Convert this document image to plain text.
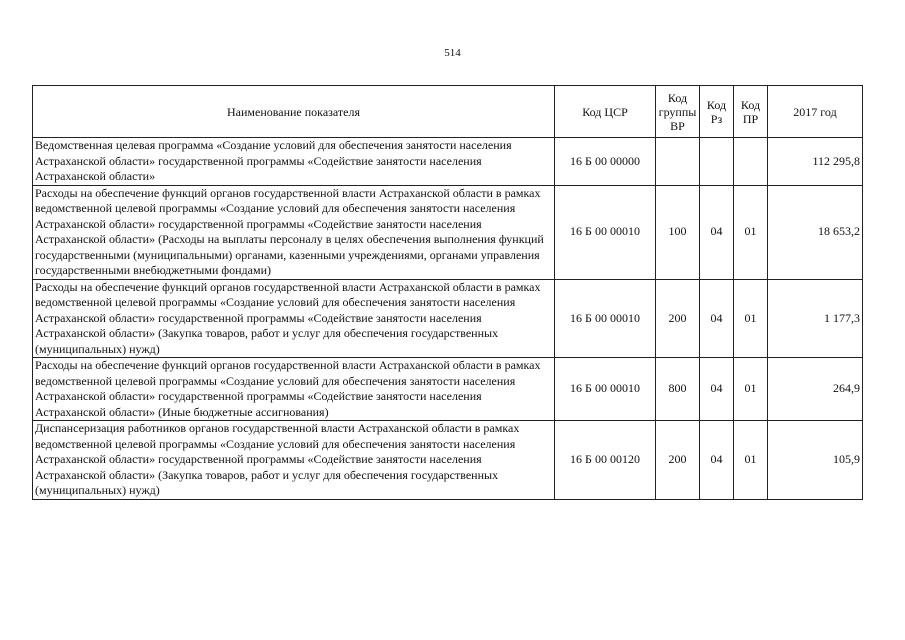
514
Наименование показателя	Код ЦСР	Код группы ВР	Код Рз	Код ПР	2017 год
Ведомственная целевая программа «Создание условий для обеспечения занятости населения Астраханской области» государственной программы «Содействие занятости населения Астраханской области»	16 Б 00 00000				112 295,8
Расходы на обеспечение функций органов государственной власти Астраханской области в рамках ведомственной целевой программы «Создание условий для обеспечения занятости населения Астраханской области» государственной программы «Содействие занятости населения Астраханской области» (Расходы на выплаты персоналу в целях обеспечения выполнения функций государственными (муниципальными) органами, казенными учреждениями, органами управления государственными внебюджетными фондами)	16 Б 00 00010	100	04	01	18 653,2
Расходы на обеспечение функций органов государственной власти Астраханской области в рамках ведомственной целевой программы «Создание условий для обеспечения занятости населения Астраханской области» государственной программы «Содействие занятости населения Астраханской области» (Закупка товаров, работ и услуг для обеспечения государственных (муниципальных) нужд)	16 Б 00 00010	200	04	01	1 177,3
Расходы на обеспечение функций органов государственной власти Астраханской области в рамках ведомственной целевой программы «Создание условий для обеспечения занятости населения Астраханской области» государственной программы «Содействие занятости населения Астраханской области» (Иные бюджетные ассигнования)	16 Б 00 00010	800	04	01	264,9
Диспансеризация работников органов государственной власти Астраханской области в рамках ведомственной целевой программы «Создание условий для обеспечения занятости населения Астраханской области» государственной программы «Содействие занятости населения Астраханской области» (Закупка товаров, работ и услуг для обеспечения государственных (муниципальных) нужд)	16 Б 00 00120	200	04	01	105,9
